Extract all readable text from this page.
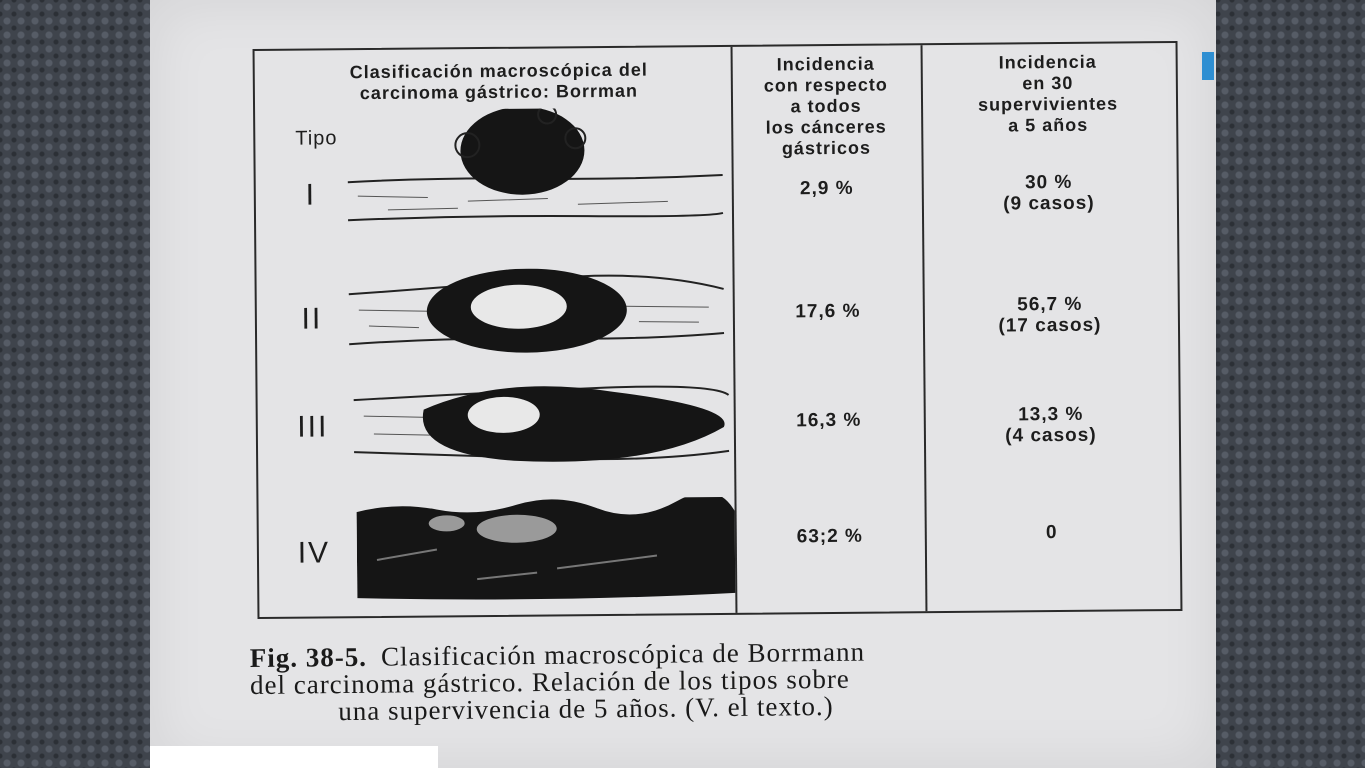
Clasificación macroscópica del
carcinoma gástrico: Borrman
Incidencia
con respecto
a todos
los cánceres
gástricos
Incidencia
en 30
supervivientes
a 5 años
Tipo
I	2,9 %	30 %
(9 casos)
II	17,6 %	56,7 %
(17 casos)
III	16,3 %	13,3 %
(4 casos)
IV	63;2 %	0
Fig. 38-5. Clasificación macroscópica de Borrmann
del carcinoma gástrico. Relación de los tipos sobre
una supervivencia de 5 años. (V. el texto.)
